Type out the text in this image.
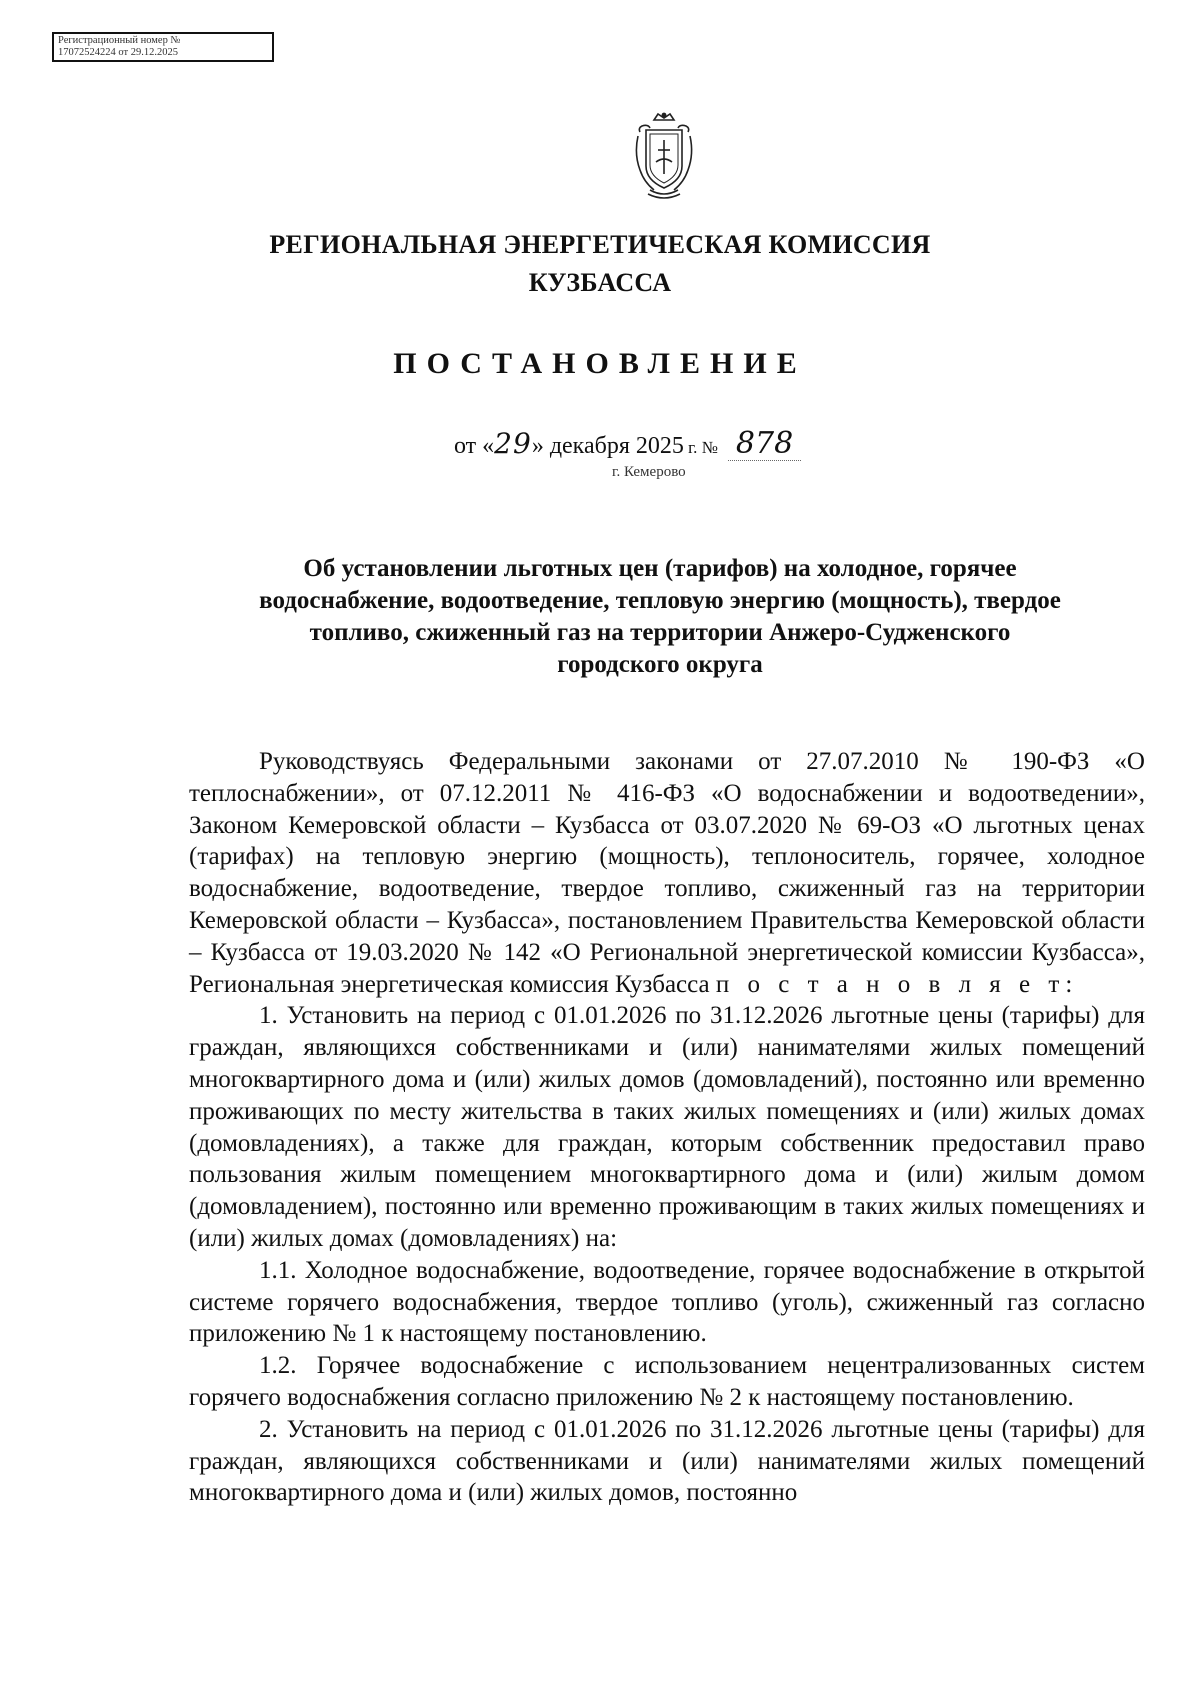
Регистрационный номер №
17072524224 от 29.12.2025
РЕГИОНАЛЬНАЯ ЭНЕРГЕТИЧЕСКАЯ КОМИССИЯ
КУЗБАССА
ПОСТАНОВЛЕНИЕ
от «29» декабря 2025 г. № 878
г. Кемерово
Об установлении льготных цен (тарифов) на холодное, горячее
водоснабжение, водоотведение, тепловую энергию (мощность), твердое
топливо, сжиженный газ на территории Анжеро-Судженского
городского округа

Руководствуясь Федеральными законами от 27.07.2010 № 190-ФЗ «О теплоснабжении», от 07.12.2011 № 416-ФЗ «О водоснабжении и водоотведении», Законом Кемеровской области – Кузбасса от 03.07.2020 № 69-ОЗ «О льготных ценах (тарифах) на тепловую энергию (мощность), теплоноситель, горячее, холодное водоснабжение, водоотведение, твердое топливо, сжиженный газ на территории Кемеровской области – Кузбасса», постановлением Правительства Кемеровской области – Кузбасса от 19.03.2020 № 142 «О Региональной энергетической комиссии Кузбасса», Региональная энергетическая комиссия Кузбасса п о с т а н о в л я е т:

1. Установить на период с 01.01.2026 по 31.12.2026 льготные цены (тарифы) для граждан, являющихся собственниками и (или) нанимателями жилых помещений многоквартирного дома и (или) жилых домов (домовладений), постоянно или временно проживающих по месту жительства в таких жилых помещениях и (или) жилых домах (домовладениях), а также для граждан, которым собственник предоставил право пользования жилым помещением многоквартирного дома и (или) жилым домом (домовладением), постоянно или временно проживающим в таких жилых помещениях и (или) жилых домах (домовладениях) на:

1.1. Холодное водоснабжение, водоотведение, горячее водоснабжение в открытой системе горячего водоснабжения, твердое топливо (уголь), сжиженный газ согласно приложению № 1 к настоящему постановлению.

1.2. Горячее водоснабжение с использованием нецентрализованных систем горячего водоснабжения согласно приложению № 2 к настоящему постановлению.

2. Установить на период с 01.01.2026 по 31.12.2026 льготные цены (тарифы) для граждан, являющихся собственниками и (или) нанимателями жилых помещений многоквартирного дома и (или) жилых домов, постоянно
